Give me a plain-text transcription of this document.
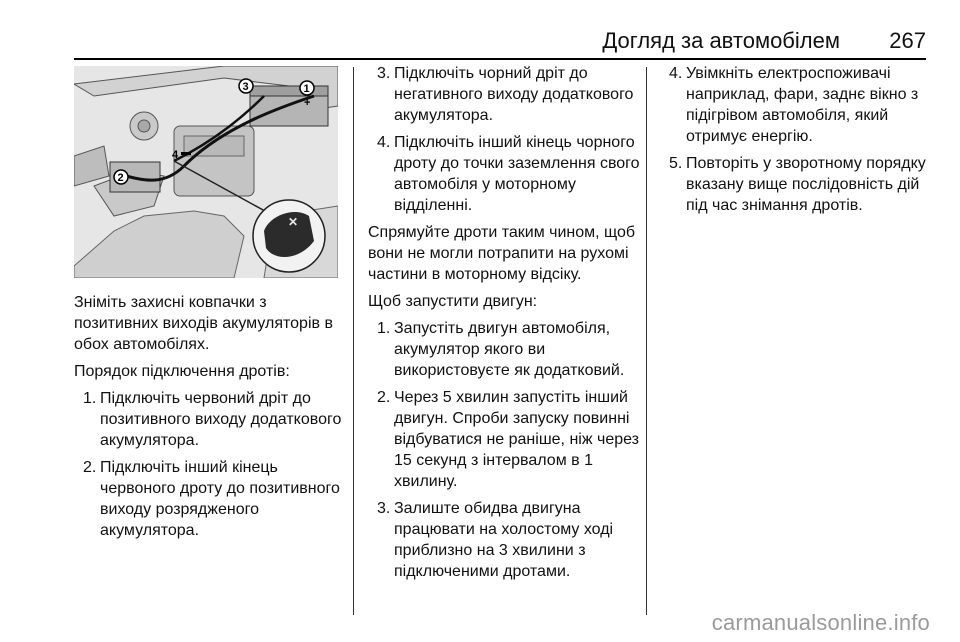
Догляд за автомобілем 267
+
✕
1
2
3
4

Зніміть захисні ковпачки з позитивних виходів акумуляторів в обох автомобілях.

Порядок підключення дротів:

1. Підключіть червоний дріт до позитивного виходу додаткового акумулятора.
2. Підключіть інший кінець червоного дроту до позитивного виходу розрядженого акумулятора.
3. Підключіть чорний дріт до негативного виходу додаткового акумулятора.
4. Підключіть інший кінець чорного дроту до точки заземлення свого автомобіля у моторному відділенні.

Спрямуйте дроти таким чином, щоб вони не могли потрапити на рухомі частини в моторному відсіку.

Щоб запустити двигун:

1. Запустіть двигун автомобіля, акумулятор якого ви використовуєте як додатковий.
2. Через 5 хвилин запустіть інший двигун. Спроби запуску повинні відбуватися не раніше, ніж через 15 секунд з інтервалом в 1 хвилину.
3. Залиште обидва двигуна працювати на холостому ході приблизно на 3 хвилини з підключеними дротами.
4. Увімкніть електроспоживачі наприклад, фари, заднє вікно з підігрівом автомобіля, який отримує енергію.
5. Повторіть у зворотному порядку вказану вище послідовність дій під час знімання дротів.
carmanualsonline.info
